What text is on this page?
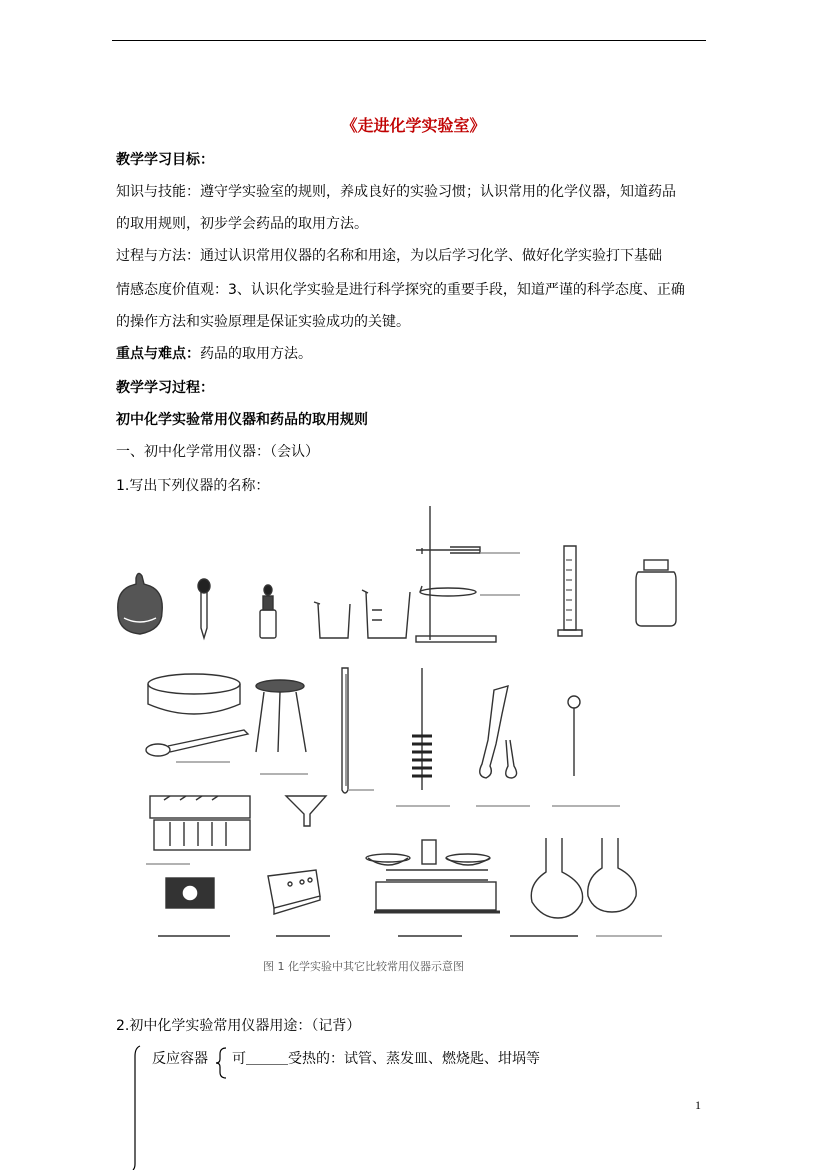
《走进化学实验室》
教学学习目标：
知识与技能：遵守学实验室的规则，养成良好的实验习惯；认识常用的化学仪器，知道药品
的取用规则，初步学会药品的取用方法。
过程与方法：通过认识常用仪器的名称和用途，为以后学习化学、做好化学实验打下基础
情感态度价值观：3、认识化学实验是进行科学探究的重要手段，知道严谨的科学态度、正确
的操作方法和实验原理是保证实验成功的关键。
重点与难点：药品的取用方法。
教学学习过程：
初中化学实验常用仪器和药品的取用规则
一、初中化学常用仪器：（会认）
1.写出下列仪器的名称：
图 1 化学实验中其它比较常用仪器示意图
2.初中化学实验常用仪器用途：（记背）
反应容器 可＿＿＿受热的：试管、蒸发皿、燃烧匙、坩埚等
1
